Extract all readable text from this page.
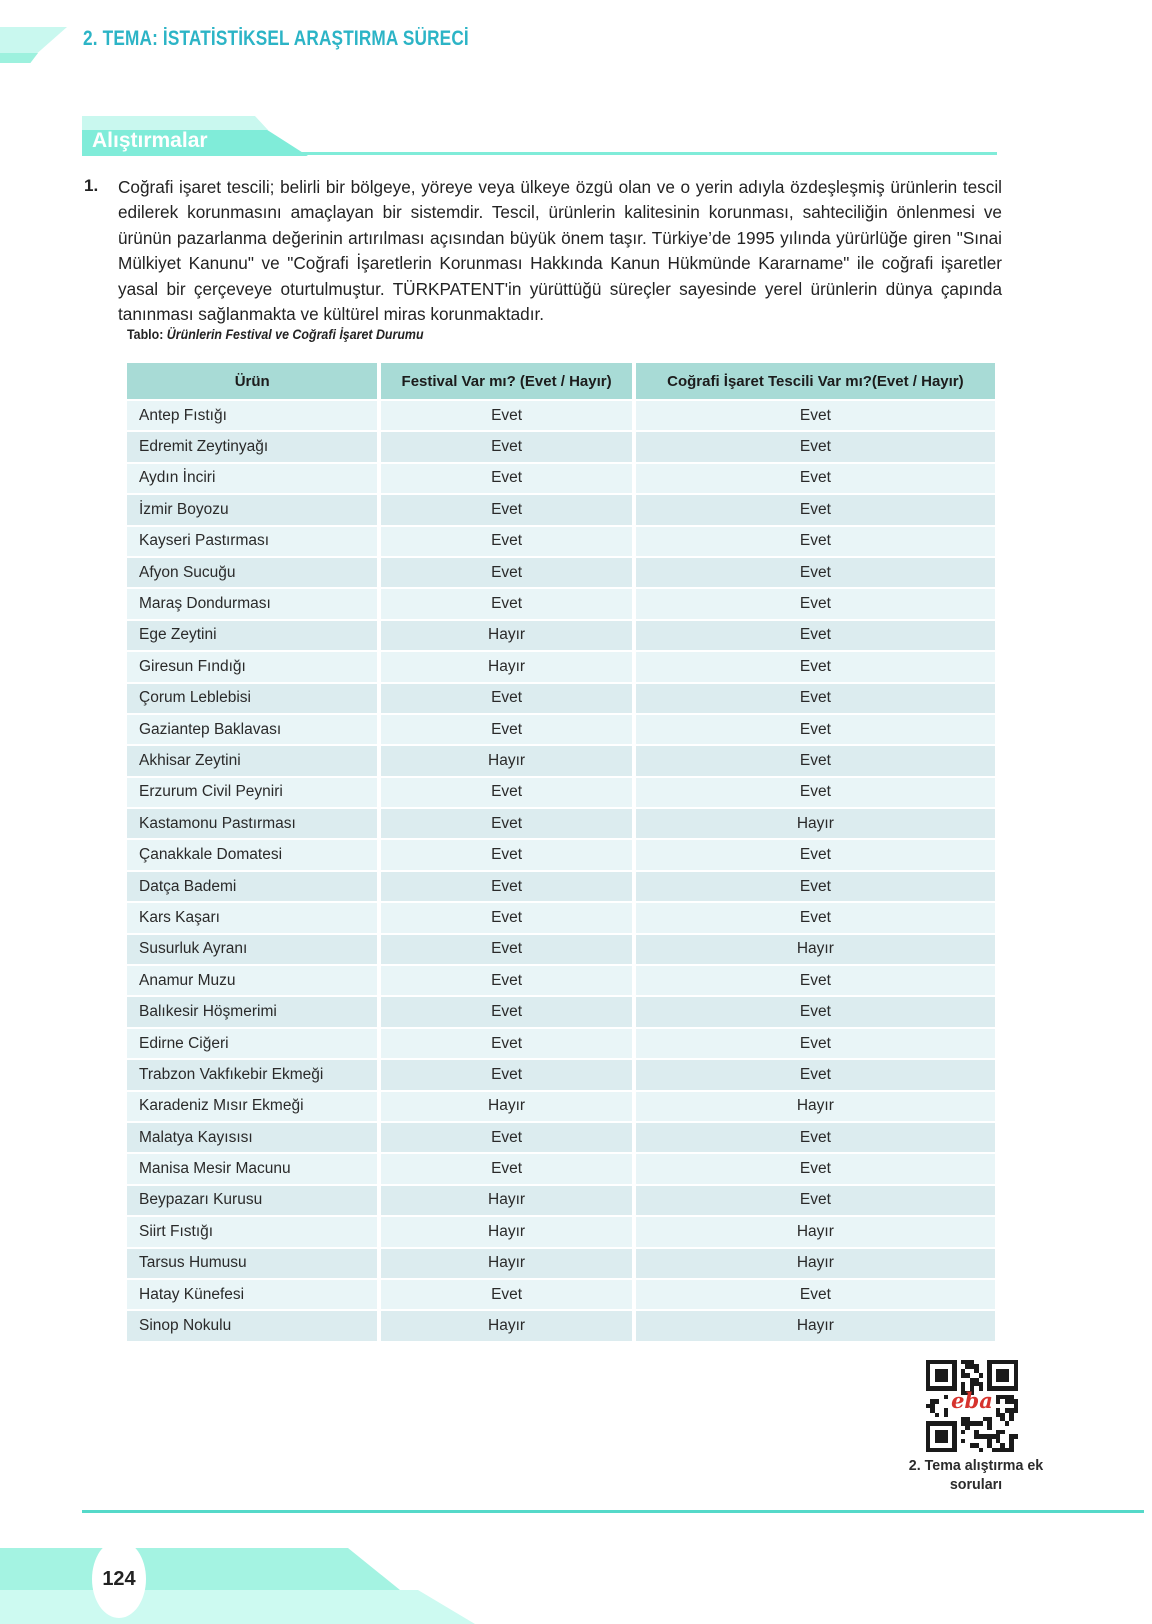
2. TEMA: İSTATİSTİKSEL ARAŞTIRMA SÜRECİ
Alıştırmalar
1. Coğrafi işaret tescili; belirli bir bölgeye, yöreye veya ülkeye özgü olan ve o yerin adıyla özdeşleşmiş ürünlerin tescil edilerek korunmasını amaçlayan bir sistemdir. Tescil, ürünlerin kalitesinin korunması, sahteciliğin önlenmesi ve ürünün pazarlanma değerinin artırılması açısından büyük önem taşır. Türkiye’de 1995 yılında yürürlüğe giren "Sınai Mülkiyet Kanunu" ve "Coğrafi İşaretlerin Korunması Hakkında Kanun Hükmünde Kararname" ile coğrafi işaretler yasal bir çerçeveye oturtulmuştur. TÜRKPATENT'in yürüttüğü süreçler sayesinde yerel ürünlerin dünya çapında tanınması sağlanmakta ve kültürel miras korunmaktadır.
Tablo: Ürünlerin Festival ve Coğrafi İşaret Durumu
Ürün	Festival Var mı? (Evet / Hayır)	Coğrafi İşaret Tescili Var mı?(Evet / Hayır)
Antep Fıstığı	Evet	Evet
Edremit Zeytinyağı	Evet	Evet
Aydın İnciri	Evet	Evet
İzmir Boyozu	Evet	Evet
Kayseri Pastırması	Evet	Evet
Afyon Sucuğu	Evet	Evet
Maraş Dondurması	Evet	Evet
Ege Zeytini	Hayır	Evet
Giresun Fındığı	Hayır	Evet
Çorum Leblebisi	Evet	Evet
Gaziantep Baklavası	Evet	Evet
Akhisar Zeytini	Hayır	Evet
Erzurum Civil Peyniri	Evet	Evet
Kastamonu Pastırması	Evet	Hayır
Çanakkale Domatesi	Evet	Evet
Datça Bademi	Evet	Evet
Kars Kaşarı	Evet	Evet
Susurluk Ayranı	Evet	Hayır
Anamur Muzu	Evet	Evet
Balıkesir Höşmerimi	Evet	Evet
Edirne Ciğeri	Evet	Evet
Trabzon Vakfıkebir Ekmeği	Evet	Evet
Karadeniz Mısır Ekmeği	Hayır	Hayır
Malatya Kayısısı	Evet	Evet
Manisa Mesir Macunu	Evet	Evet
Beypazarı Kurusu	Hayır	Evet
Siirt Fıstığı	Hayır	Hayır
Tarsus Humusu	Hayır	Hayır
Hatay Künefesi	Evet	Evet
Sinop Nokulu	Hayır	Hayır
eba
2. Tema alıştırma ek soruları
124
